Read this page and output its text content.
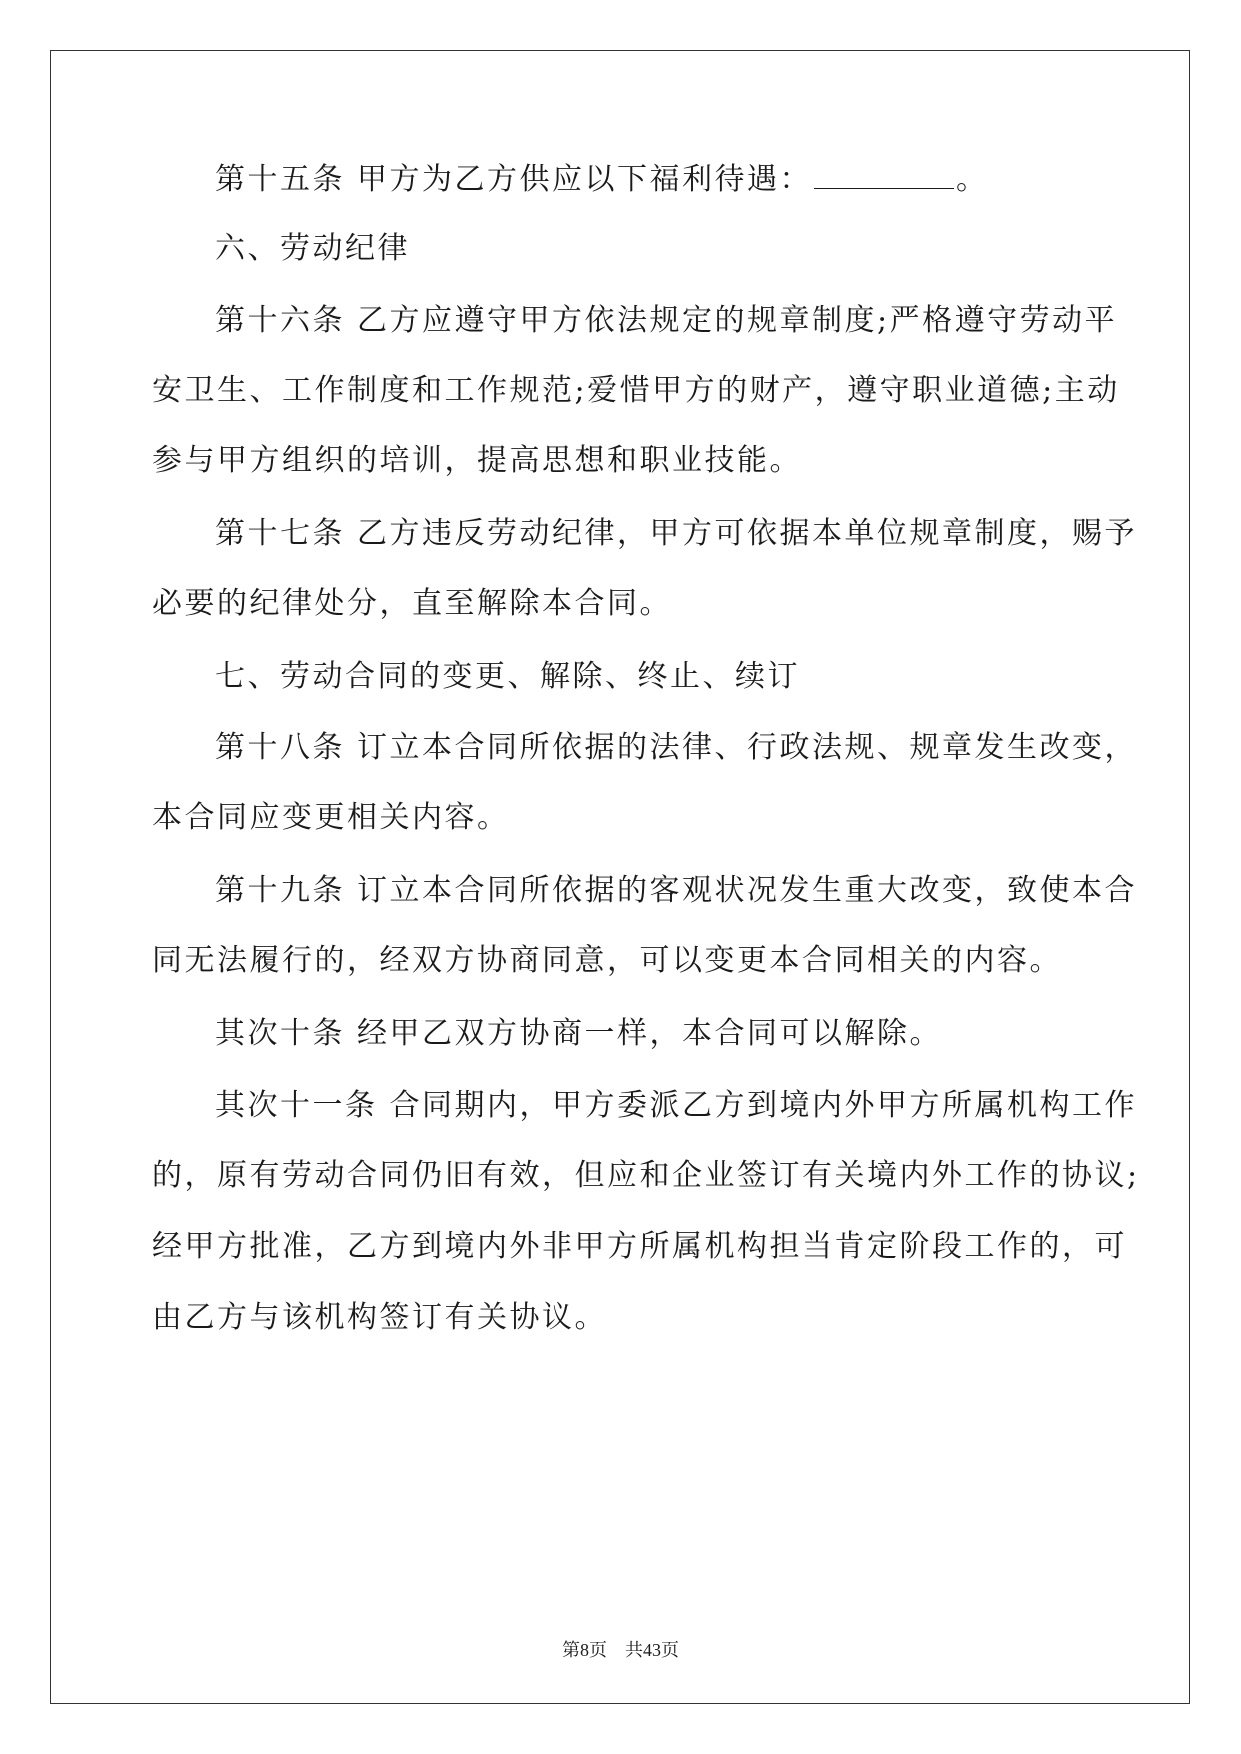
第十五条 甲方为乙方供应以下福利待遇：	。
六、劳动纪律
第十六条 乙方应遵守甲方依法规定的规章制度;严格遵守劳动平
安卫生、工作制度和工作规范;爱惜甲方的财产，遵守职业道德;主动
参与甲方组织的培训，提高思想和职业技能。
第十七条 乙方违反劳动纪律，甲方可依据本单位规章制度，赐予
必要的纪律处分，直至解除本合同。
七、劳动合同的变更、解除、终止、续订
第十八条 订立本合同所依据的法律、行政法规、规章发生改变，
本合同应变更相关内容。
第十九条 订立本合同所依据的客观状况发生重大改变，致使本合
同无法履行的，经双方协商同意，可以变更本合同相关的内容。
其次十条 经甲乙双方协商一样，本合同可以解除。
其次十一条 合同期内，甲方委派乙方到境内外甲方所属机构工作
的，原有劳动合同仍旧有效，但应和企业签订有关境内外工作的协议;
经甲方批准，乙方到境内外非甲方所属机构担当肯定阶段工作的，可
由乙方与该机构签订有关协议。
第8页 共43页
